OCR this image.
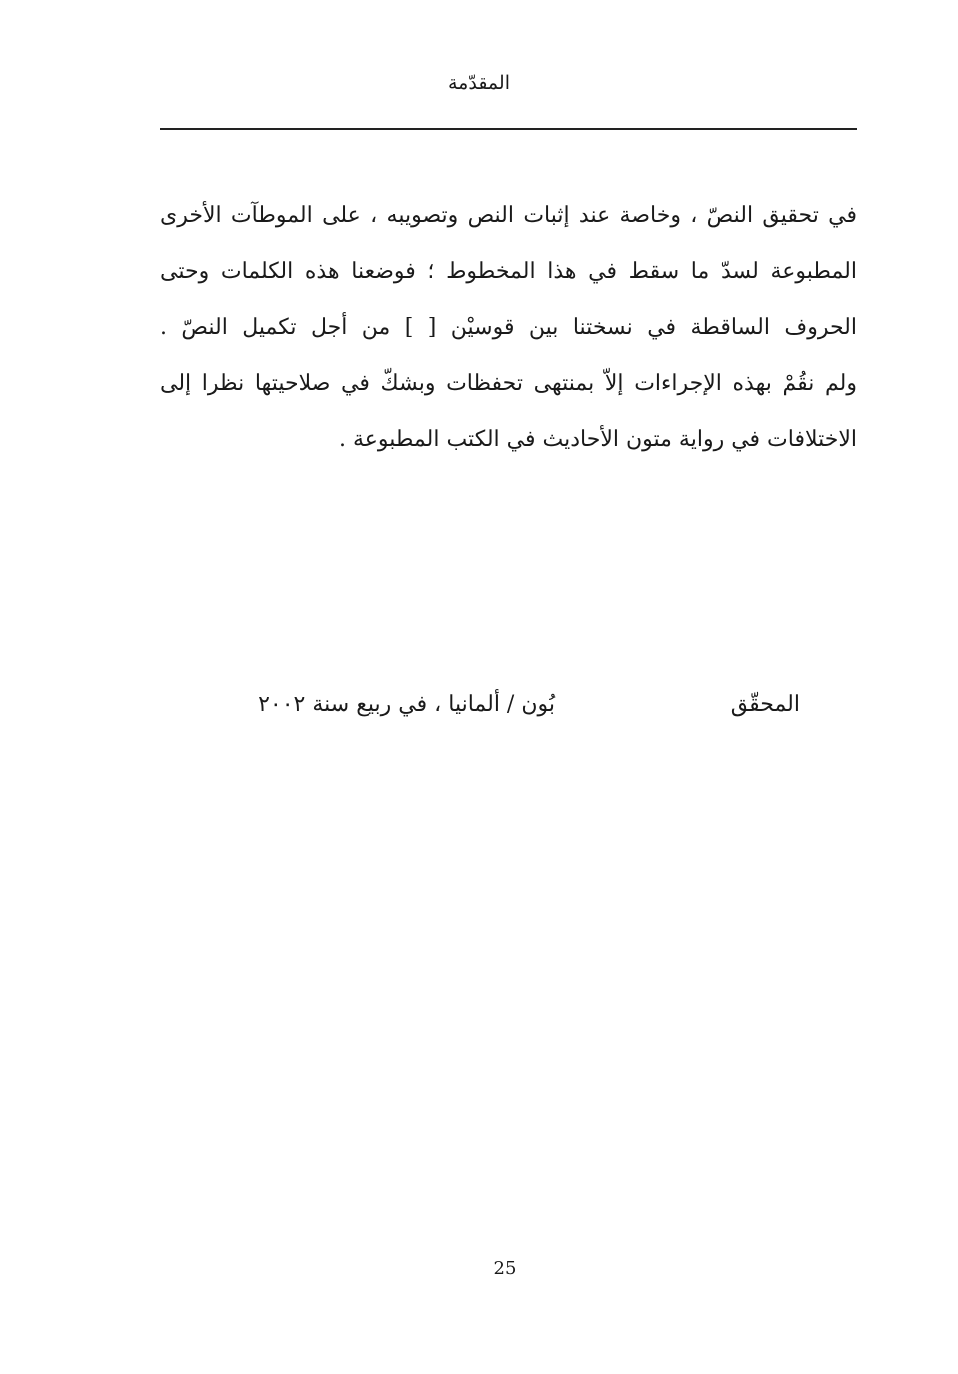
المقدّمة
في تحقيق النصّ ، وخاصة عند إثبات النص وتصويبه ، على الموطآت الأخرى
المطبوعة لسدّ ما سقط في هذا المخطوط ؛ فوضعنا هذه الكلمات وحتى
الحروف الساقطة في نسختنا بين قوسيْن [ ] من أجل تكميل النصّ .
ولم نقُمْ بهذه الإجراءات إلاّ بمنتهى تحفظات وبشكّ في صلاحيتها نظرا إلى
الاختلافات في رواية متون الأحاديث في الكتب المطبوعة .
المحقّق
بُون / ألمانيا ، في ربيع سنة ٢٠٠٢
25
